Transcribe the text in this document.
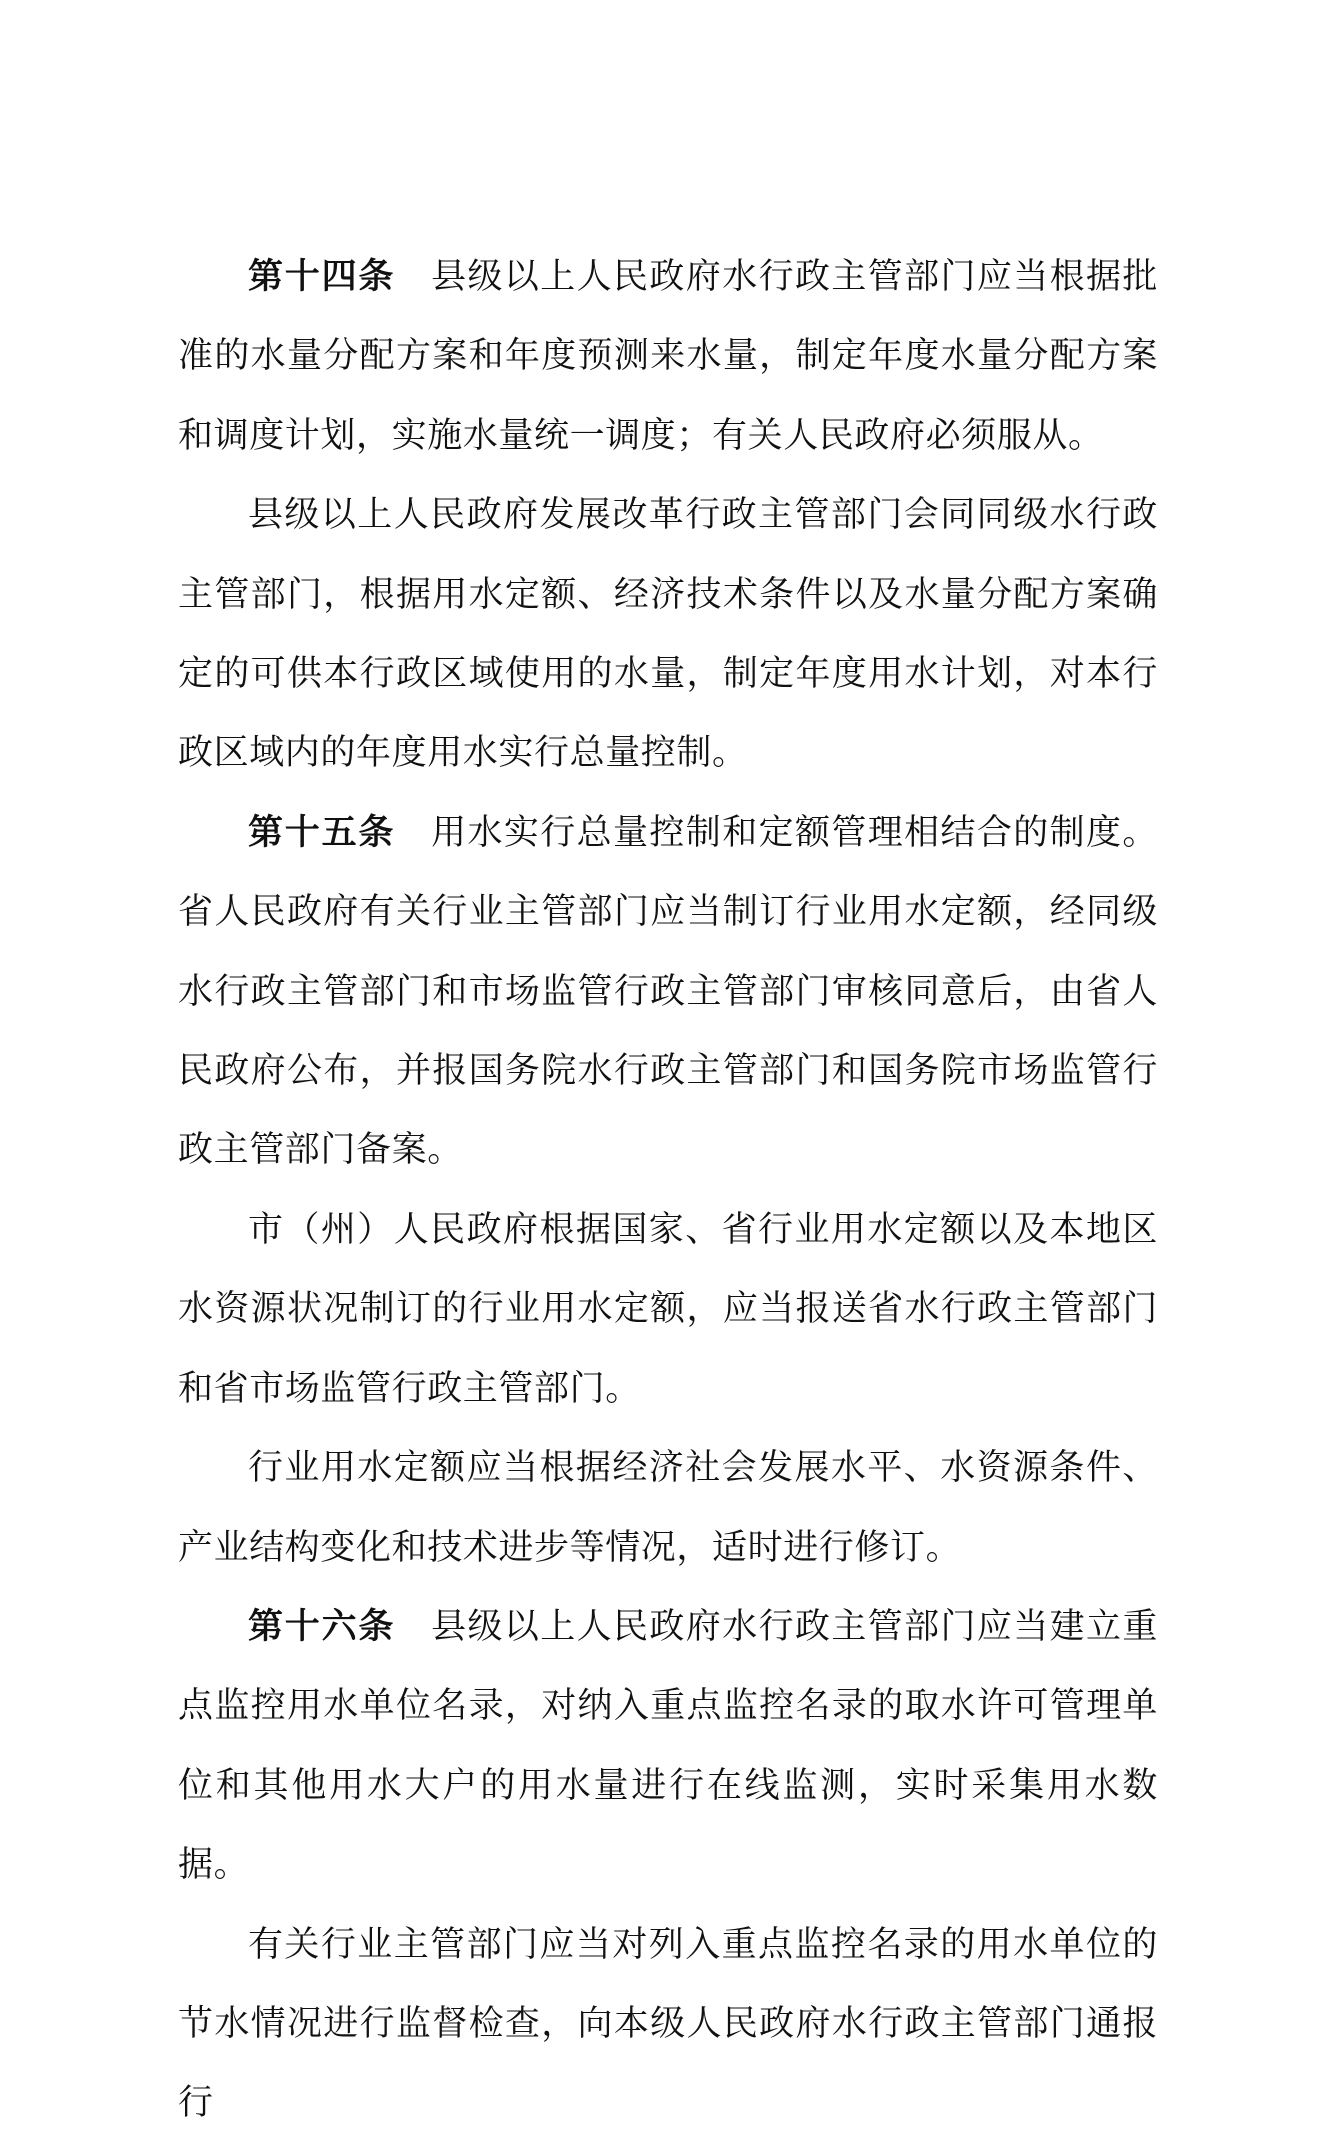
第十四条 县级以上人民政府水行政主管部门应当根据批准的水量分配方案和年度预测来水量，制定年度水量分配方案和调度计划，实施水量统一调度；有关人民政府必须服从。

县级以上人民政府发展改革行政主管部门会同同级水行政主管部门，根据用水定额、经济技术条件以及水量分配方案确定的可供本行政区域使用的水量，制定年度用水计划，对本行政区域内的年度用水实行总量控制。

第十五条 用水实行总量控制和定额管理相结合的制度。省人民政府有关行业主管部门应当制订行业用水定额，经同级水行政主管部门和市场监管行政主管部门审核同意后，由省人民政府公布，并报国务院水行政主管部门和国务院市场监管行政主管部门备案。

市（州）人民政府根据国家、省行业用水定额以及本地区水资源状况制订的行业用水定额，应当报送省水行政主管部门和省市场监管行政主管部门。

行业用水定额应当根据经济社会发展水平、水资源条件、产业结构变化和技术进步等情况，适时进行修订。

第十六条 县级以上人民政府水行政主管部门应当建立重点监控用水单位名录，对纳入重点监控名录的取水许可管理单位和其他用水大户的用水量进行在线监测，实时采集用水数据。

有关行业主管部门应当对列入重点监控名录的用水单位的节水情况进行监督检查，向本级人民政府水行政主管部门通报行
